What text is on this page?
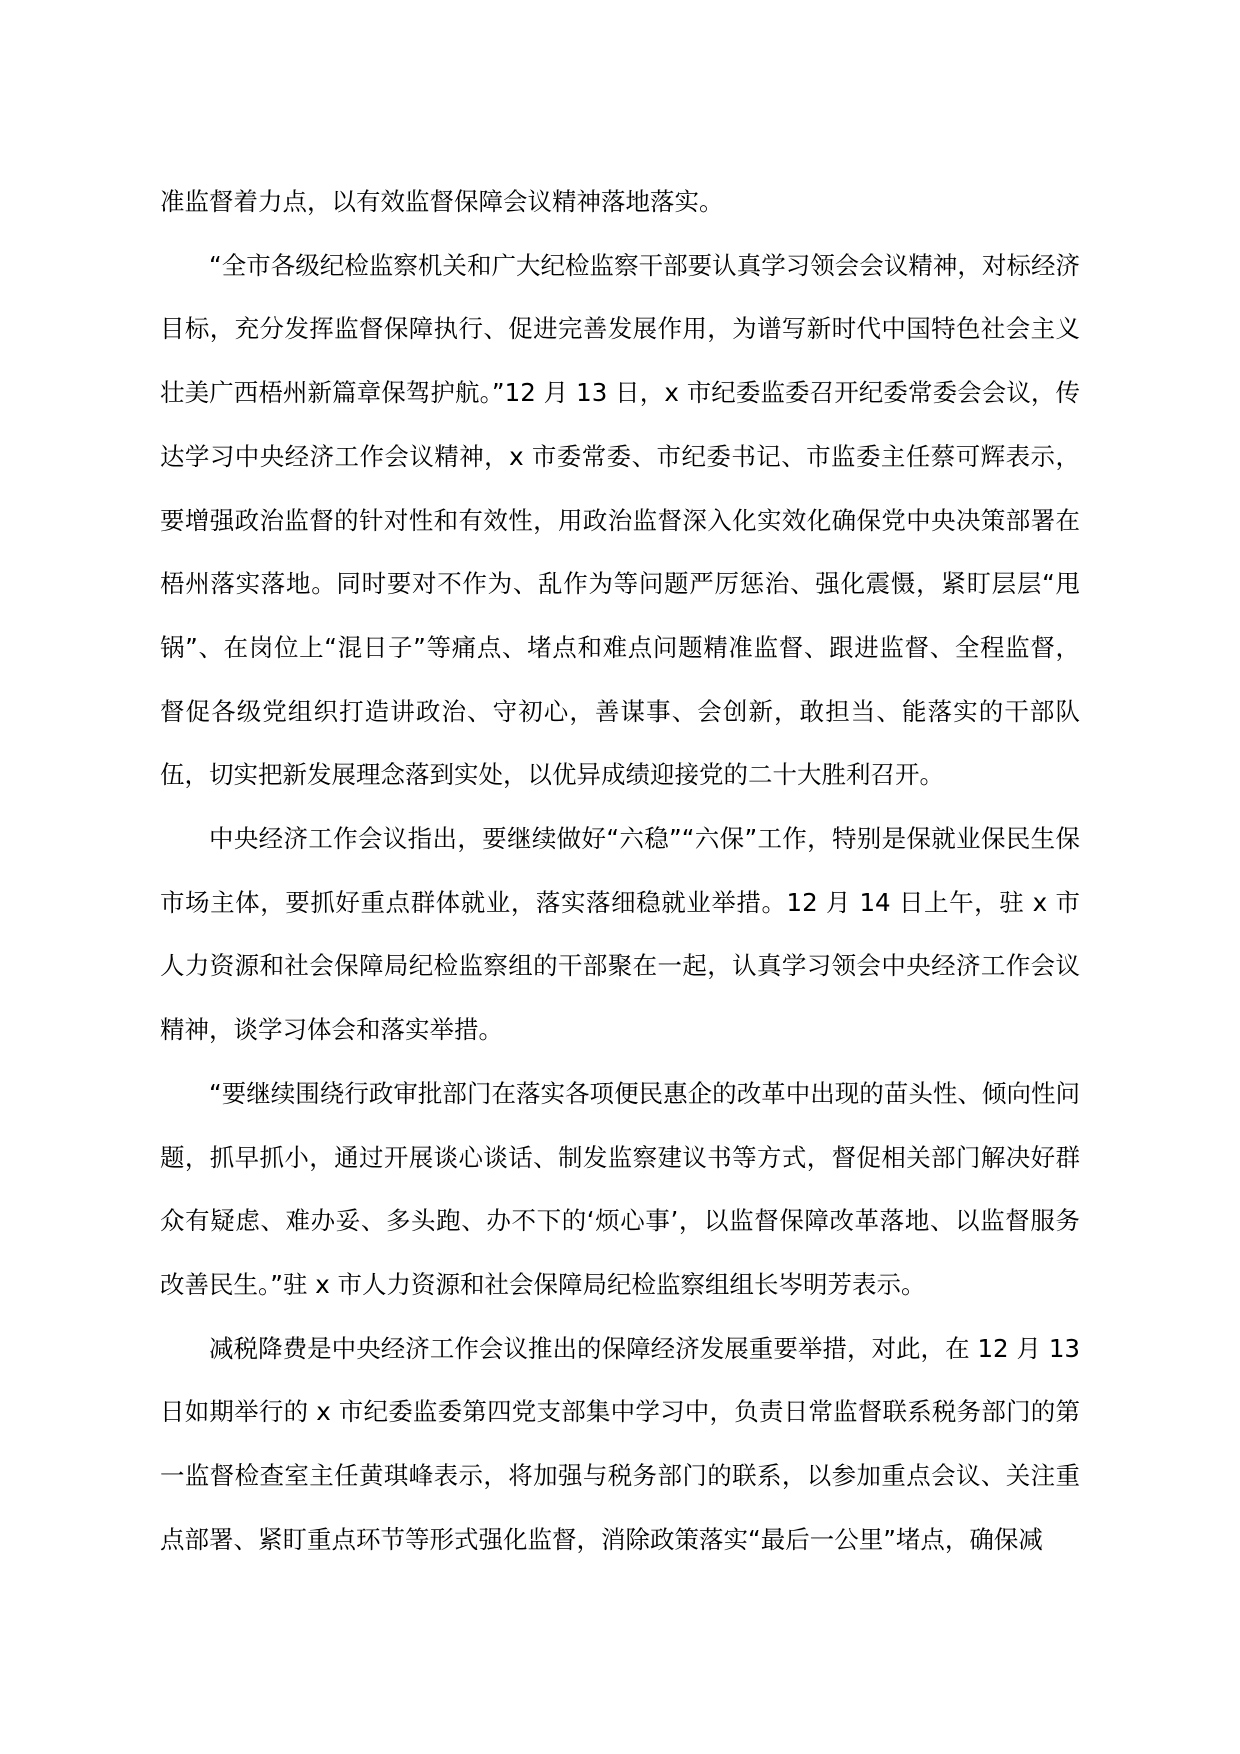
准监督着力点，以有效监督保障会议精神落地落实。

“全市各级纪检监察机关和广大纪检监察干部要认真学习领会会议精神，对标经济目标，充分发挥监督保障执行、促进完善发展作用，为谱写新时代中国特色社会主义壮美广西梧州新篇章保驾护航。”12 月 13 日，x 市纪委监委召开纪委常委会会议，传达学习中央经济工作会议精神，x 市委常委、市纪委书记、市监委主任蔡可辉表示，要增强政治监督的针对性和有效性，用政治监督深入化实效化确保党中央决策部署在梧州落实落地。同时要对不作为、乱作为等问题严厉惩治、强化震慑，紧盯层层“甩锅”、在岗位上“混日子”等痛点、堵点和难点问题精准监督、跟进监督、全程监督，督促各级党组织打造讲政治、守初心，善谋事、会创新，敢担当、能落实的干部队伍，切实把新发展理念落到实处，以优异成绩迎接党的二十大胜利召开。

中央经济工作会议指出，要继续做好“六稳”“六保”工作，特别是保就业保民生保市场主体，要抓好重点群体就业，落实落细稳就业举措。12 月 14 日上午，驻 x 市人力资源和社会保障局纪检监察组的干部聚在一起，认真学习领会中央经济工作会议精神，谈学习体会和落实举措。

“要继续围绕行政审批部门在落实各项便民惠企的改革中出现的苗头性、倾向性问题，抓早抓小，通过开展谈心谈话、制发监察建议书等方式，督促相关部门解决好群众有疑虑、难办妥、多头跑、办不下的‘烦心事’，以监督保障改革落地、以监督服务改善民生。”驻 x 市人力资源和社会保障局纪检监察组组长岑明芳表示。

减税降费是中央经济工作会议推出的保障经济发展重要举措，对此，在 12 月 13 日如期举行的 x 市纪委监委第四党支部集中学习中，负责日常监督联系税务部门的第一监督检查室主任黄琪峰表示，将加强与税务部门的联系，以参加重点会议、关注重点部署、紧盯重点环节等形式强化监督，消除政策落实“最后一公里”堵点，确保减
